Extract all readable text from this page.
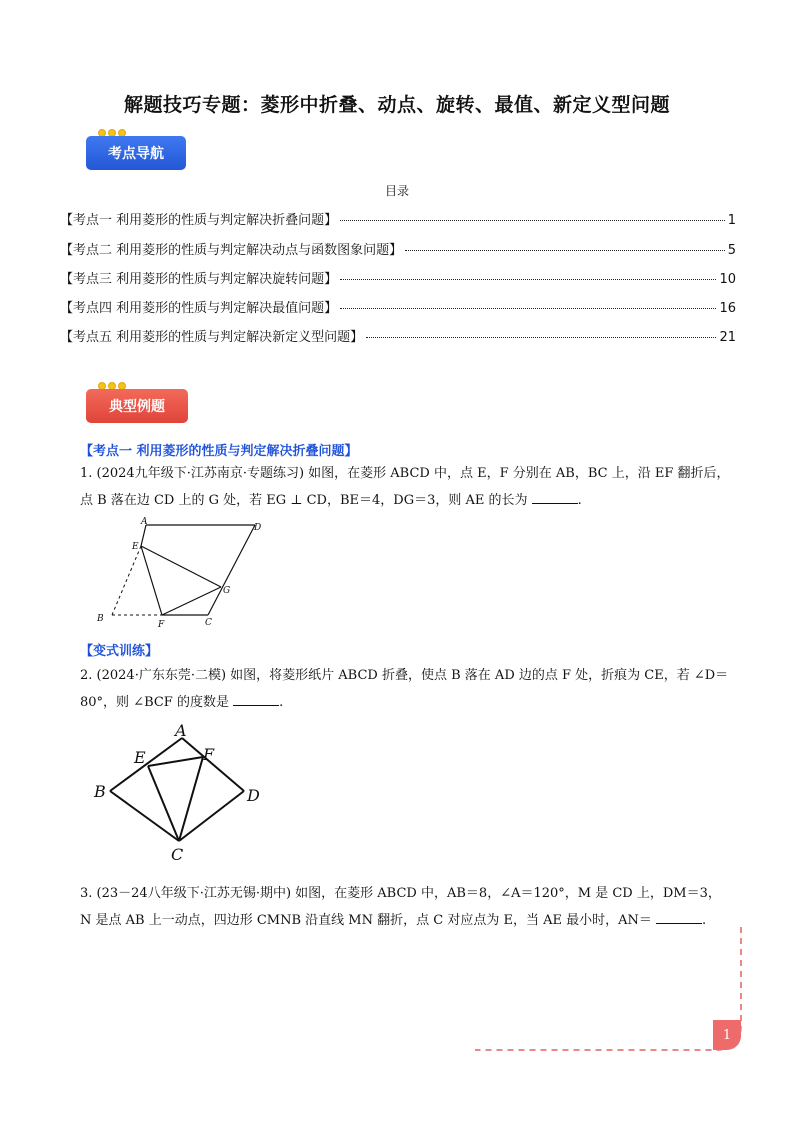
解题技巧专题：菱形中折叠、动点、旋转、最值、新定义型问题
考点导航
目录
【考点一 利用菱形的性质与判定解决折叠问题】	1
【考点二 利用菱形的性质与判定解决动点与函数图象问题】	5
【考点三 利用菱形的性质与判定解决旋转问题】	10
【考点四 利用菱形的性质与判定解决最值问题】	16
【考点五 利用菱形的性质与判定解决新定义型问题】	21
典型例题
【考点一 利用菱形的性质与判定解决折叠问题】
1. (2024九年级下·江苏南京·专题练习) 如图，在菱形 ABCD 中，点 E，F 分别在 AB，BC 上，沿 EF 翻折后，
点 B 落在边 CD 上的 G 处，若 EG ⊥ CD，BE＝4，DG＝3，则 AE 的长为	.
A
D
E
G
B
F	C
【变式训练】
2. (2024·广东东莞·二模) 如图，将菱形纸片 ABCD 折叠，使点 B 落在 AD 边的点 F 处，折痕为 CE，若 ∠D＝
80°，则 ∠BCF 的度数是	.
A
E	F
B	D
C
3. (23－24八年级下·江苏无锡·期中) 如图，在菱形 ABCD 中，AB＝8，∠A＝120°，M 是 CD 上，DM＝3，
N 是点 AB 上一动点，四边形 CMNB 沿直线 MN 翻折，点 C 对应点为 E，当 AE 最小时，AN＝	.
1
